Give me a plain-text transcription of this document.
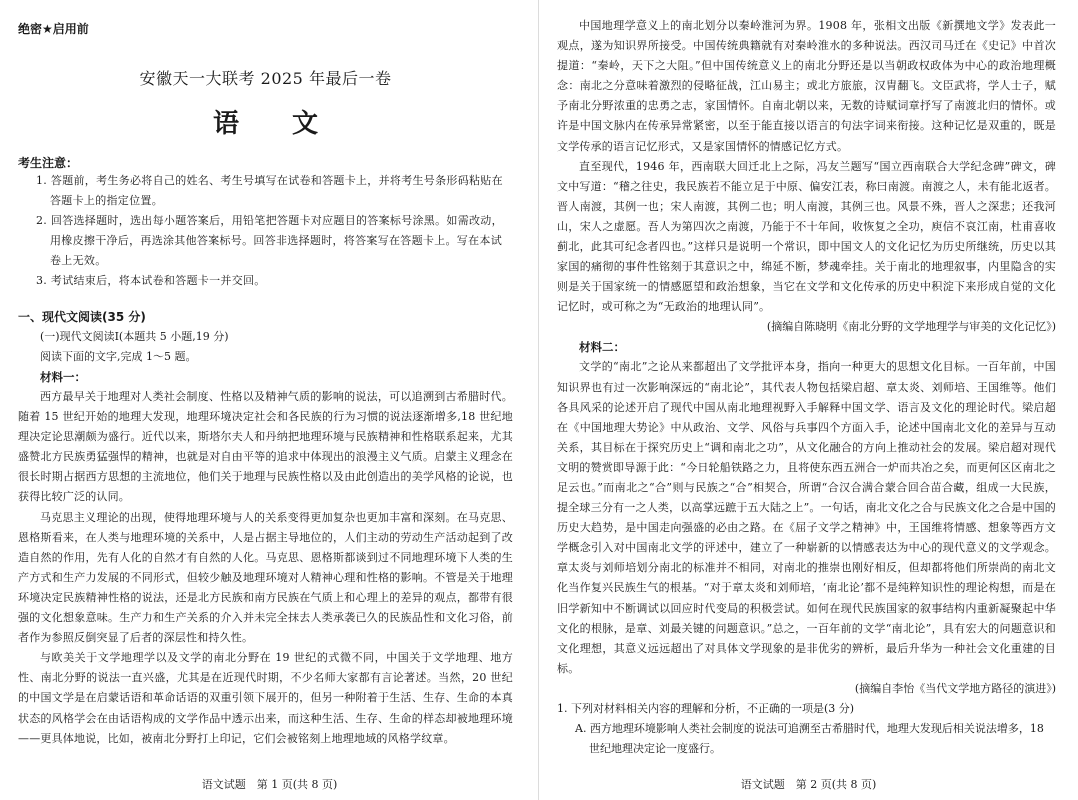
绝密★启用前

安徽天一大联考 2025 年最后一卷

语 文

考生注意：

1. 答题前，考生务必将自己的姓名、考生号填写在试卷和答题卡上，并将考生号条形码粘贴在答题卡上的指定位置。

2. 回答选择题时，选出每小题答案后，用铅笔把答题卡对应题目的答案标号涂黑。如需改动，用橡皮擦干净后，再选涂其他答案标号。回答非选择题时，将答案写在答题卡上。写在本试卷上无效。

3. 考试结束后，将本试卷和答题卡一并交回。

一、现代文阅读(35 分)

(一)现代文阅读Ⅰ(本题共 5 小题,19 分)

阅读下面的文字,完成 1～5 题。

材料一：

西方最早关于地理对人类社会制度、性格以及精神气质的影响的说法，可以追溯到古希腊时代。随着 15 世纪开始的地理大发现，地理环境决定社会和各民族的行为习惯的说法逐渐增多,18 世纪地理决定论思潮颇为盛行。近代以来，斯塔尔夫人和丹纳把地理环境与民族精神和性格联系起来，尤其盛赞北方民族勇猛强悍的精神，也就是对自由平等的追求中体现出的浪漫主义气质。启蒙主义理念在很长时期占据西方思想的主流地位，他们关于地理与民族性格以及由此创造出的美学风格的论说，也获得比较广泛的认同。

马克思主义理论的出现，使得地理环境与人的关系变得更加复杂也更加丰富和深刻。在马克思、恩格斯看来，在人类与地理环境的关系中，人是占据主导地位的，人们主动的劳动生产活动起到了改造自然的作用，先有人化的自然才有自然的人化。马克思、恩格斯都谈到过不同地理环境下人类的生产方式和生产力发展的不同形式，但较少触及地理环境对人精神心理和性格的影响。不管是关于地理环境决定民族精神性格的说法，还是北方民族和南方民族在气质上和心理上的差异的观点，都带有很强的文化想象意味。生产力和生产关系的介入并未完全抹去人类承袭已久的民族品性和文化习俗，前者作为参照反倒突显了后者的深层性和持久性。

与欧美关于文学地理学以及文学的南北分野在 19 世纪的式微不同，中国关于文学地理、地方性、南北分野的说法一直兴盛，尤其是在近现代时期，不少名师大家都有言论著述。当然，20 世纪的中国文学是在启蒙话语和革命话语的双重引领下展开的，但另一种附着于生活、生存、生命的本真状态的风格学会在由话语构成的文学作品中透示出来，而这种生活、生存、生命的样态却被地理环境——更具体地说，比如，被南北分野打上印记，它们会被铭刻上地理地域的风格学纹章。

语文试题　第 1 页(共 8 页)

中国地理学意义上的南北划分以秦岭淮河为界。1908 年，张相文出版《新撰地文学》发表此一观点，遂为知识界所接受。中国传统典籍就有对秦岭淮水的多种说法。西汉司马迁在《史记》中首次提道：“秦岭，天下之大阻。”但中国传统意义上的南北分野还是以当朝政权政体为中心的政治地理概念：南北之分意味着激烈的侵略征战，江山易主；或北方旅旅，汉胄翻飞。文臣武将，学人士子，赋予南北分野浓重的忠勇之志，家国情怀。自南北朝以来，无数的诗赋词章抒写了南渡北归的情怀。或许是中国文脉内在传承异常紧密，以至于能直接以语言的句法字词来衔接。这种记忆是双重的，既是文学传承的语言记忆形式，又是家国情怀的情感记忆方式。

直至现代，1946 年，西南联大回迁北上之际，冯友兰题写“国立西南联合大学纪念碑”碑文，碑文中写道：“稽之往史，我民族若不能立足于中原、偏安江表，称曰南渡。南渡之人，未有能北返者。晋人南渡，其例一也；宋人南渡，其例二也；明人南渡，其例三也。风景不殊，晋人之深悲；还我河山，宋人之虚愿。吾人为第四次之南渡，乃能于不十年间，收恢复之全功，庾信不哀江南，杜甫喜收蓟北，此其可纪念者四也。”这样只是说明一个常识，即中国文人的文化记忆为历史所继统，历史以其家国的痛彻的事件性铭刻于其意识之中，绵延不断，梦魂牵挂。关于南北的地理叙事，内里隐含的实则是关于国家统一的情感愿望和政治想象，当它在文学和文化传承的历史中积淀下来形成自觉的文化记忆时，或可称之为“无政治的地理认同”。

(摘编自陈晓明《南北分野的文学地理学与审美的文化记忆》)

材料二：

文学的“南北”之论从来都超出了文学批评本身，指向一种更大的思想文化目标。一百年前，中国知识界也有过一次影响深远的“南北论”，其代表人物包括梁启超、章太炎、刘师培、王国维等。他们各具风采的论述开启了现代中国从南北地理视野入手解释中国文学、语言及文化的理论时代。梁启超在《中国地理大势论》中从政治、文学、风俗与兵事四个方面入手，论述中国南北文化的差异与互动关系，其目标在于探究历史上“调和南北之功”，从文化融合的方向上推动社会的发展。梁启超对现代文明的赞赏即导源于此：“今日轮船铁路之力，且将使东西五洲合一炉而共冶之矣，而更何区区南北之足云也。”而南北之“合”则与民族之“合”相契合，所谓“合汉合满合蒙合回合苗合藏，组成一大民族，提全球三分有一之人类，以高掌远蹠于五大陆之上”。一句话，南北文化之合与民族文化之合是中国的历史大趋势，是中国走向强盛的必由之路。在《屈子文学之精神》中，王国维将情感、想象等西方文学概念引入对中国南北文学的评述中，建立了一种崭新的以情感表达为中心的现代意义的文学观念。章太炎与刘师培划分南北的标准并不相同，对南北的推崇也刚好相反，但却都将他们所崇尚的南北文化当作复兴民族生气的根基。“对于章太炎和刘师培，‘南北论’都不是纯粹知识性的理论构想，而是在旧学新知中不断调试以回应时代变局的积极尝试。如何在现代民族国家的叙事结构内重新凝聚起中华文化的根脉，是章、刘最关键的问题意识。”总之，一百年前的文学“南北论”，具有宏大的问题意识和文化理想，其意义远远超出了对具体文学现象的是非优劣的辨析，最后升华为一种社会文化重建的目标。

(摘编自李怡《当代文学地方路径的演进》)

1. 下列对材料相关内容的理解和分析，不正确的一项是(3 分)

A. 西方地理环境影响人类社会制度的说法可追溯至古希腊时代，地理大发现后相关说法增多，18 世纪地理决定论一度盛行。

语文试题　第 2 页(共 8 页)
